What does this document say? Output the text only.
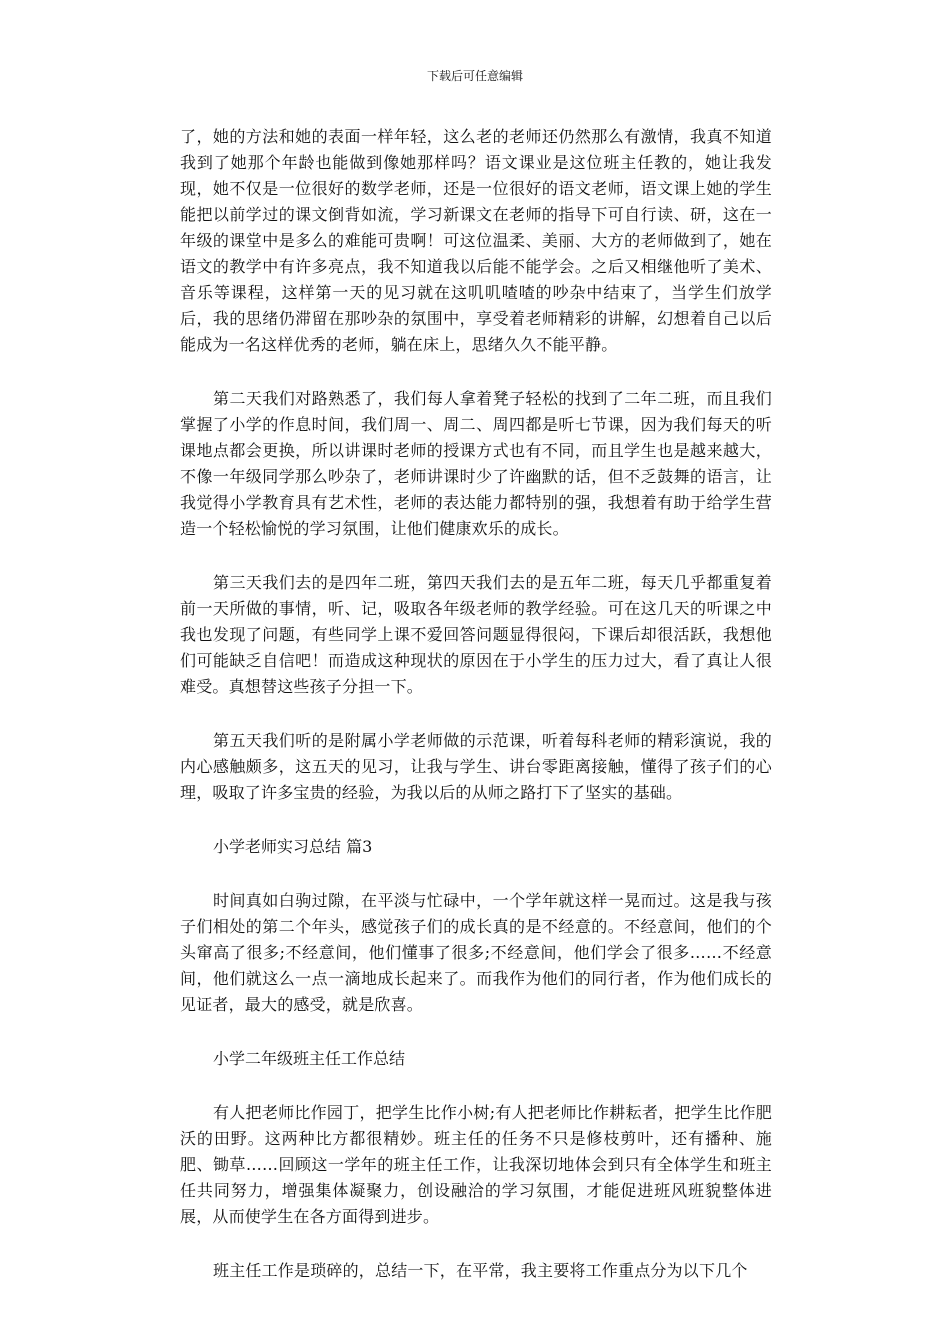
下载后可任意编辑

了，她的方法和她的表面一样年轻，这么老的老师还仍然那么有激情，我真不知道我到了她那个年龄也能做到像她那样吗？语文课业是这位班主任教的，她让我发现，她不仅是一位很好的数学老师，还是一位很好的语文老师，语文课上她的学生能把以前学过的课文倒背如流，学习新课文在老师的指导下可自行读、研，这在一年级的课堂中是多么的难能可贵啊！可这位温柔、美丽、大方的老师做到了，她在语文的教学中有许多亮点，我不知道我以后能不能学会。之后又相继他听了美术、音乐等课程，这样第一天的见习就在这叽叽喳喳的吵杂中结束了，当学生们放学后，我的思绪仍滞留在那吵杂的氛围中，享受着老师精彩的讲解，幻想着自己以后能成为一名这样优秀的老师，躺在床上，思绪久久不能平静。

第二天我们对路熟悉了，我们每人拿着凳子轻松的找到了二年二班，而且我们掌握了小学的作息时间，我们周一、周二、周四都是听七节课，因为我们每天的听课地点都会更换，所以讲课时老师的授课方式也有不同，而且学生也是越来越大，不像一年级同学那么吵杂了，老师讲课时少了许幽默的话，但不乏鼓舞的语言，让我觉得小学教育具有艺术性，老师的表达能力都特别的强，我想着有助于给学生营造一个轻松愉悦的学习氛围，让他们健康欢乐的成长。

第三天我们去的是四年二班，第四天我们去的是五年二班，每天几乎都重复着前一天所做的事情，听、记，吸取各年级老师的教学经验。可在这几天的听课之中我也发现了问题，有些同学上课不爱回答问题显得很闷，下课后却很活跃，我想他们可能缺乏自信吧！而造成这种现状的原因在于小学生的压力过大，看了真让人很难受。真想替这些孩子分担一下。

第五天我们听的是附属小学老师做的示范课，听着每科老师的精彩演说，我的内心感触颇多，这五天的见习，让我与学生、讲台零距离接触，懂得了孩子们的心理，吸取了许多宝贵的经验，为我以后的从师之路打下了坚实的基础。

小学老师实习总结 篇3

时间真如白驹过隙，在平淡与忙碌中，一个学年就这样一晃而过。这是我与孩子们相处的第二个年头，感觉孩子们的成长真的是不经意的。不经意间，他们的个头窜高了很多;不经意间，他们懂事了很多;不经意间，他们学会了很多……不经意间，他们就这么一点一滴地成长起来了。而我作为他们的同行者，作为他们成长的见证者，最大的感受，就是欣喜。

小学二年级班主任工作总结

有人把老师比作园丁，把学生比作小树;有人把老师比作耕耘者，把学生比作肥沃的田野。这两种比方都很精妙。班主任的任务不只是修枝剪叶，还有播种、施肥、锄草……回顾这一学年的班主任工作，让我深切地体会到只有全体学生和班主任共同努力，增强集体凝聚力，创设融洽的学习氛围，才能促进班风班貌整体进展，从而使学生在各方面得到进步。

班主任工作是琐碎的，总结一下，在平常，我主要将工作重点分为以下几个
